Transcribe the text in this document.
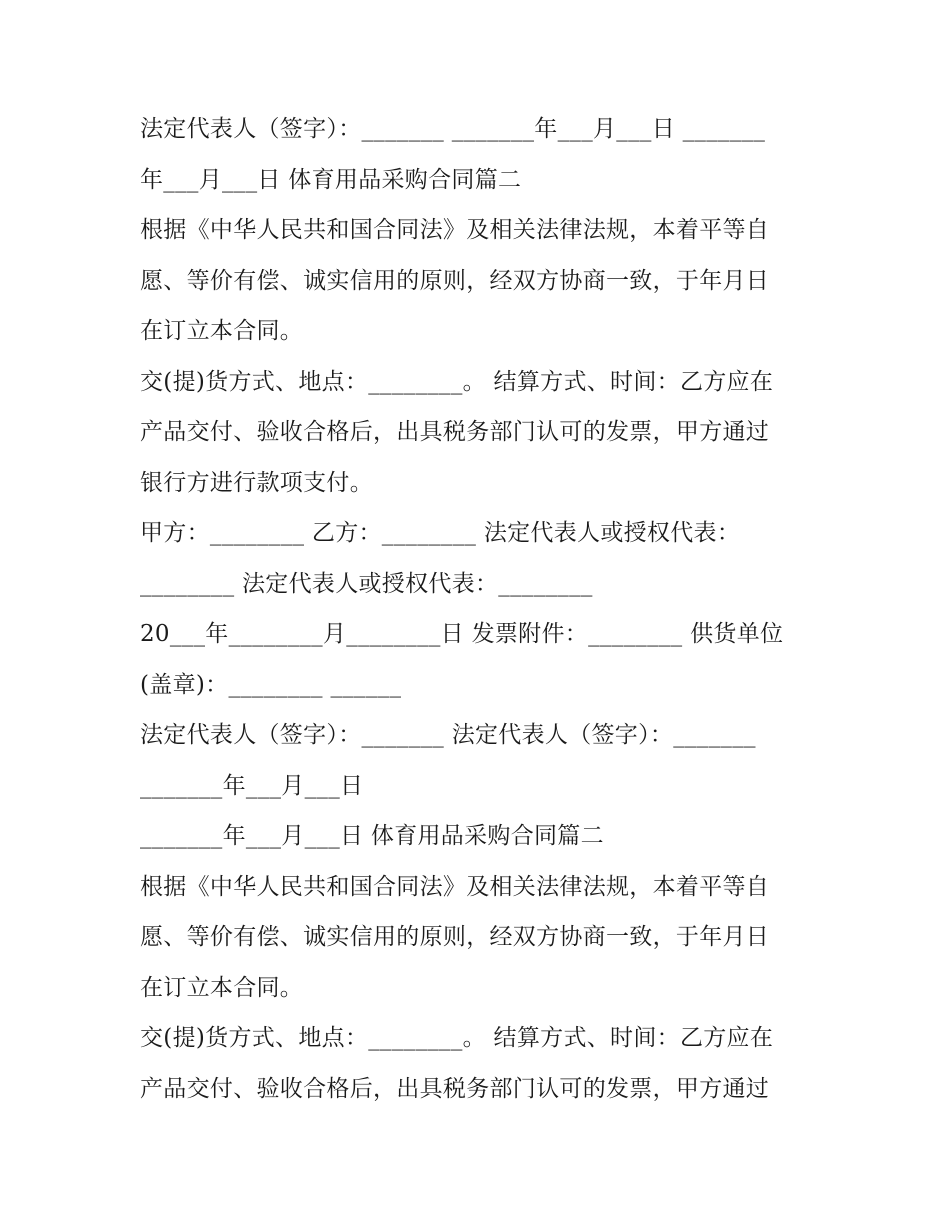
法定代表人（签字）：_______ _______年___月___日 _______
年___月___日 体育用品采购合同篇二
根据《中华人民共和国合同法》及相关法律法规，本着平等自
愿、等价有偿、诚实信用的原则，经双方协商一致，于年月日
在订立本合同。
交(提)货方式、地点：________。 结算方式、时间：乙方应在
产品交付、验收合格后，出具税务部门认可的发票，甲方通过
银行方进行款项支付。
甲方：________ 乙方：________ 法定代表人或授权代表：
________ 法定代表人或授权代表：________
20___年________月________日 发票附件：________ 供货单位
(盖章)：________ ______
法定代表人（签字）：_______ 法定代表人（签字）：_______
_______年___月___日
_______年___月___日 体育用品采购合同篇二
根据《中华人民共和国合同法》及相关法律法规，本着平等自
愿、等价有偿、诚实信用的原则，经双方协商一致，于年月日
在订立本合同。
交(提)货方式、地点：________。 结算方式、时间：乙方应在
产品交付、验收合格后，出具税务部门认可的发票，甲方通过
